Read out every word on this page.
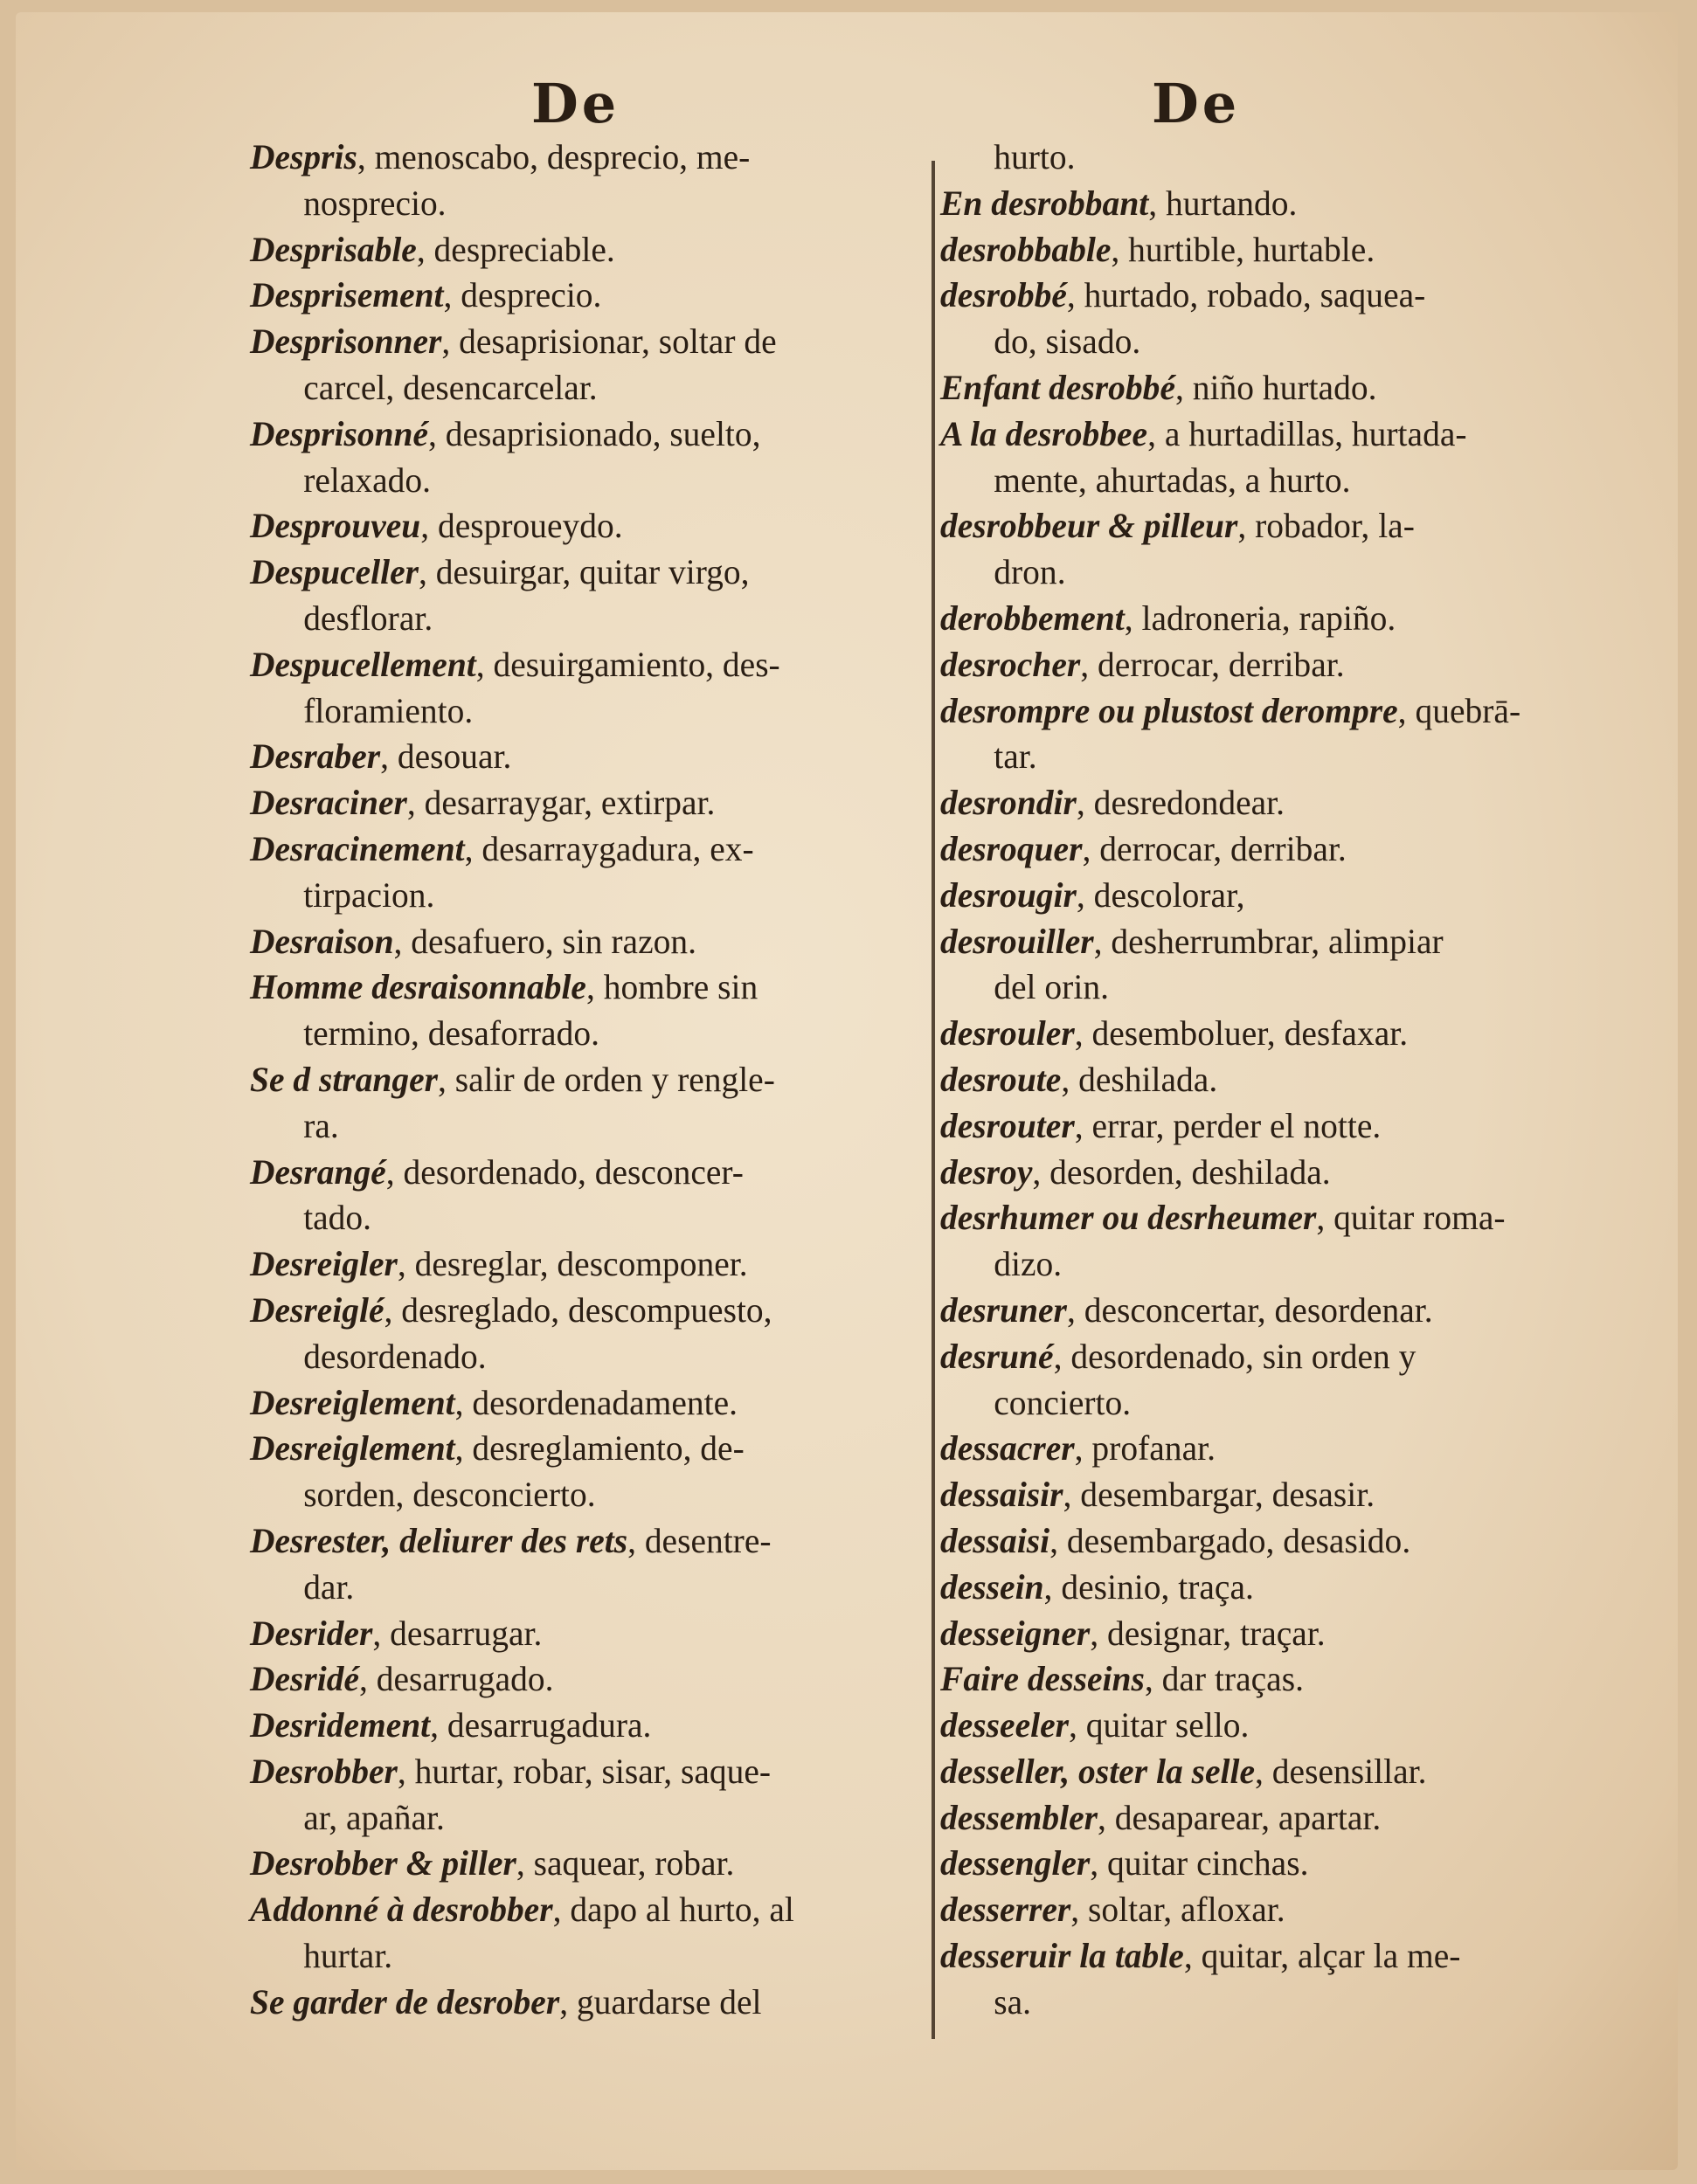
De	De
Despris, menoscabo, desprecio, me-
nosprecio.
Desprisable, despreciable.
Desprisement, desprecio.
Desprisonner, desaprisionar, soltar de
carcel, desencarcelar.
Desprisonné, desaprisionado, suelto,
relaxado.
Desprouveu, desproueydo.
Despuceller, desuirgar, quitar virgo,
desflorar.
Despucellement, desuirgamiento, des-
floramiento.
Desraber, desouar.
Desraciner, desarraygar, extirpar.
Desracinement, desarraygadura, ex-
tirpacion.
Desraison, desafuero, sin razon.
Homme desraisonnable, hombre sin
termino, desaforrado.
Se d stranger, salir de orden y rengle-
ra.
Desrangé, desordenado, desconcer-
tado.
Desreigler, desreglar, descomponer.
Desreiglé, desreglado, descompuesto,
desordenado.
Desreiglement, desordenadamente.
Desreiglement, desreglamiento, de-
sorden, desconcierto.
Desrester, deliurer des rets, desentre-
dar.
Desrider, desarrugar.
Desridé, desarrugado.
Desridement, desarrugadura.
Desrobber, hurtar, robar, sisar, saque-
ar, apañar.
Desrobber & piller, saquear, robar.
Addonné à desrobber, dapo al hurto, al
hurtar.
Se garder de desrober, guardarse del
hurto.
En desrobbant, hurtando.
desrobbable, hurtible, hurtable.
desrobbé, hurtado, robado, saquea-
do, sisado.
Enfant desrobbé, niño hurtado.
A la desrobbee, a hurtadillas, hurtada-
mente, ahurtadas, a hurto.
desrobbeur & pilleur, robador, la-
dron.
derobbement, ladroneria, rapiño.
desrocher, derrocar, derribar.
desrompre ou plustost derompre, quebrā-
tar.
desrondir, desredondear.
desroquer, derrocar, derribar.
desrougir, descolorar,
desrouiller, desherrumbrar, alimpiar
del orin.
desrouler, desemboluer, desfaxar.
desroute, deshilada.
desrouter, errar, perder el notte.
desroy, desorden, deshilada.
desrhumer ou desrheumer, quitar roma-
dizo.
desruner, desconcertar, desordenar.
desruné, desordenado, sin orden y
concierto.
dessacrer, profanar.
dessaisir, desembargar, desasir.
dessaisi, desembargado, desasido.
dessein, desinio, traça.
desseigner, designar, traçar.
Faire desseins, dar traças.
desseeler, quitar sello.
desseller, oster la selle, desensillar.
dessembler, desaparear, apartar.
dessengler, quitar cinchas.
desserrer, soltar, afloxar.
desseruir la table, quitar, alçar la me-
sa.
